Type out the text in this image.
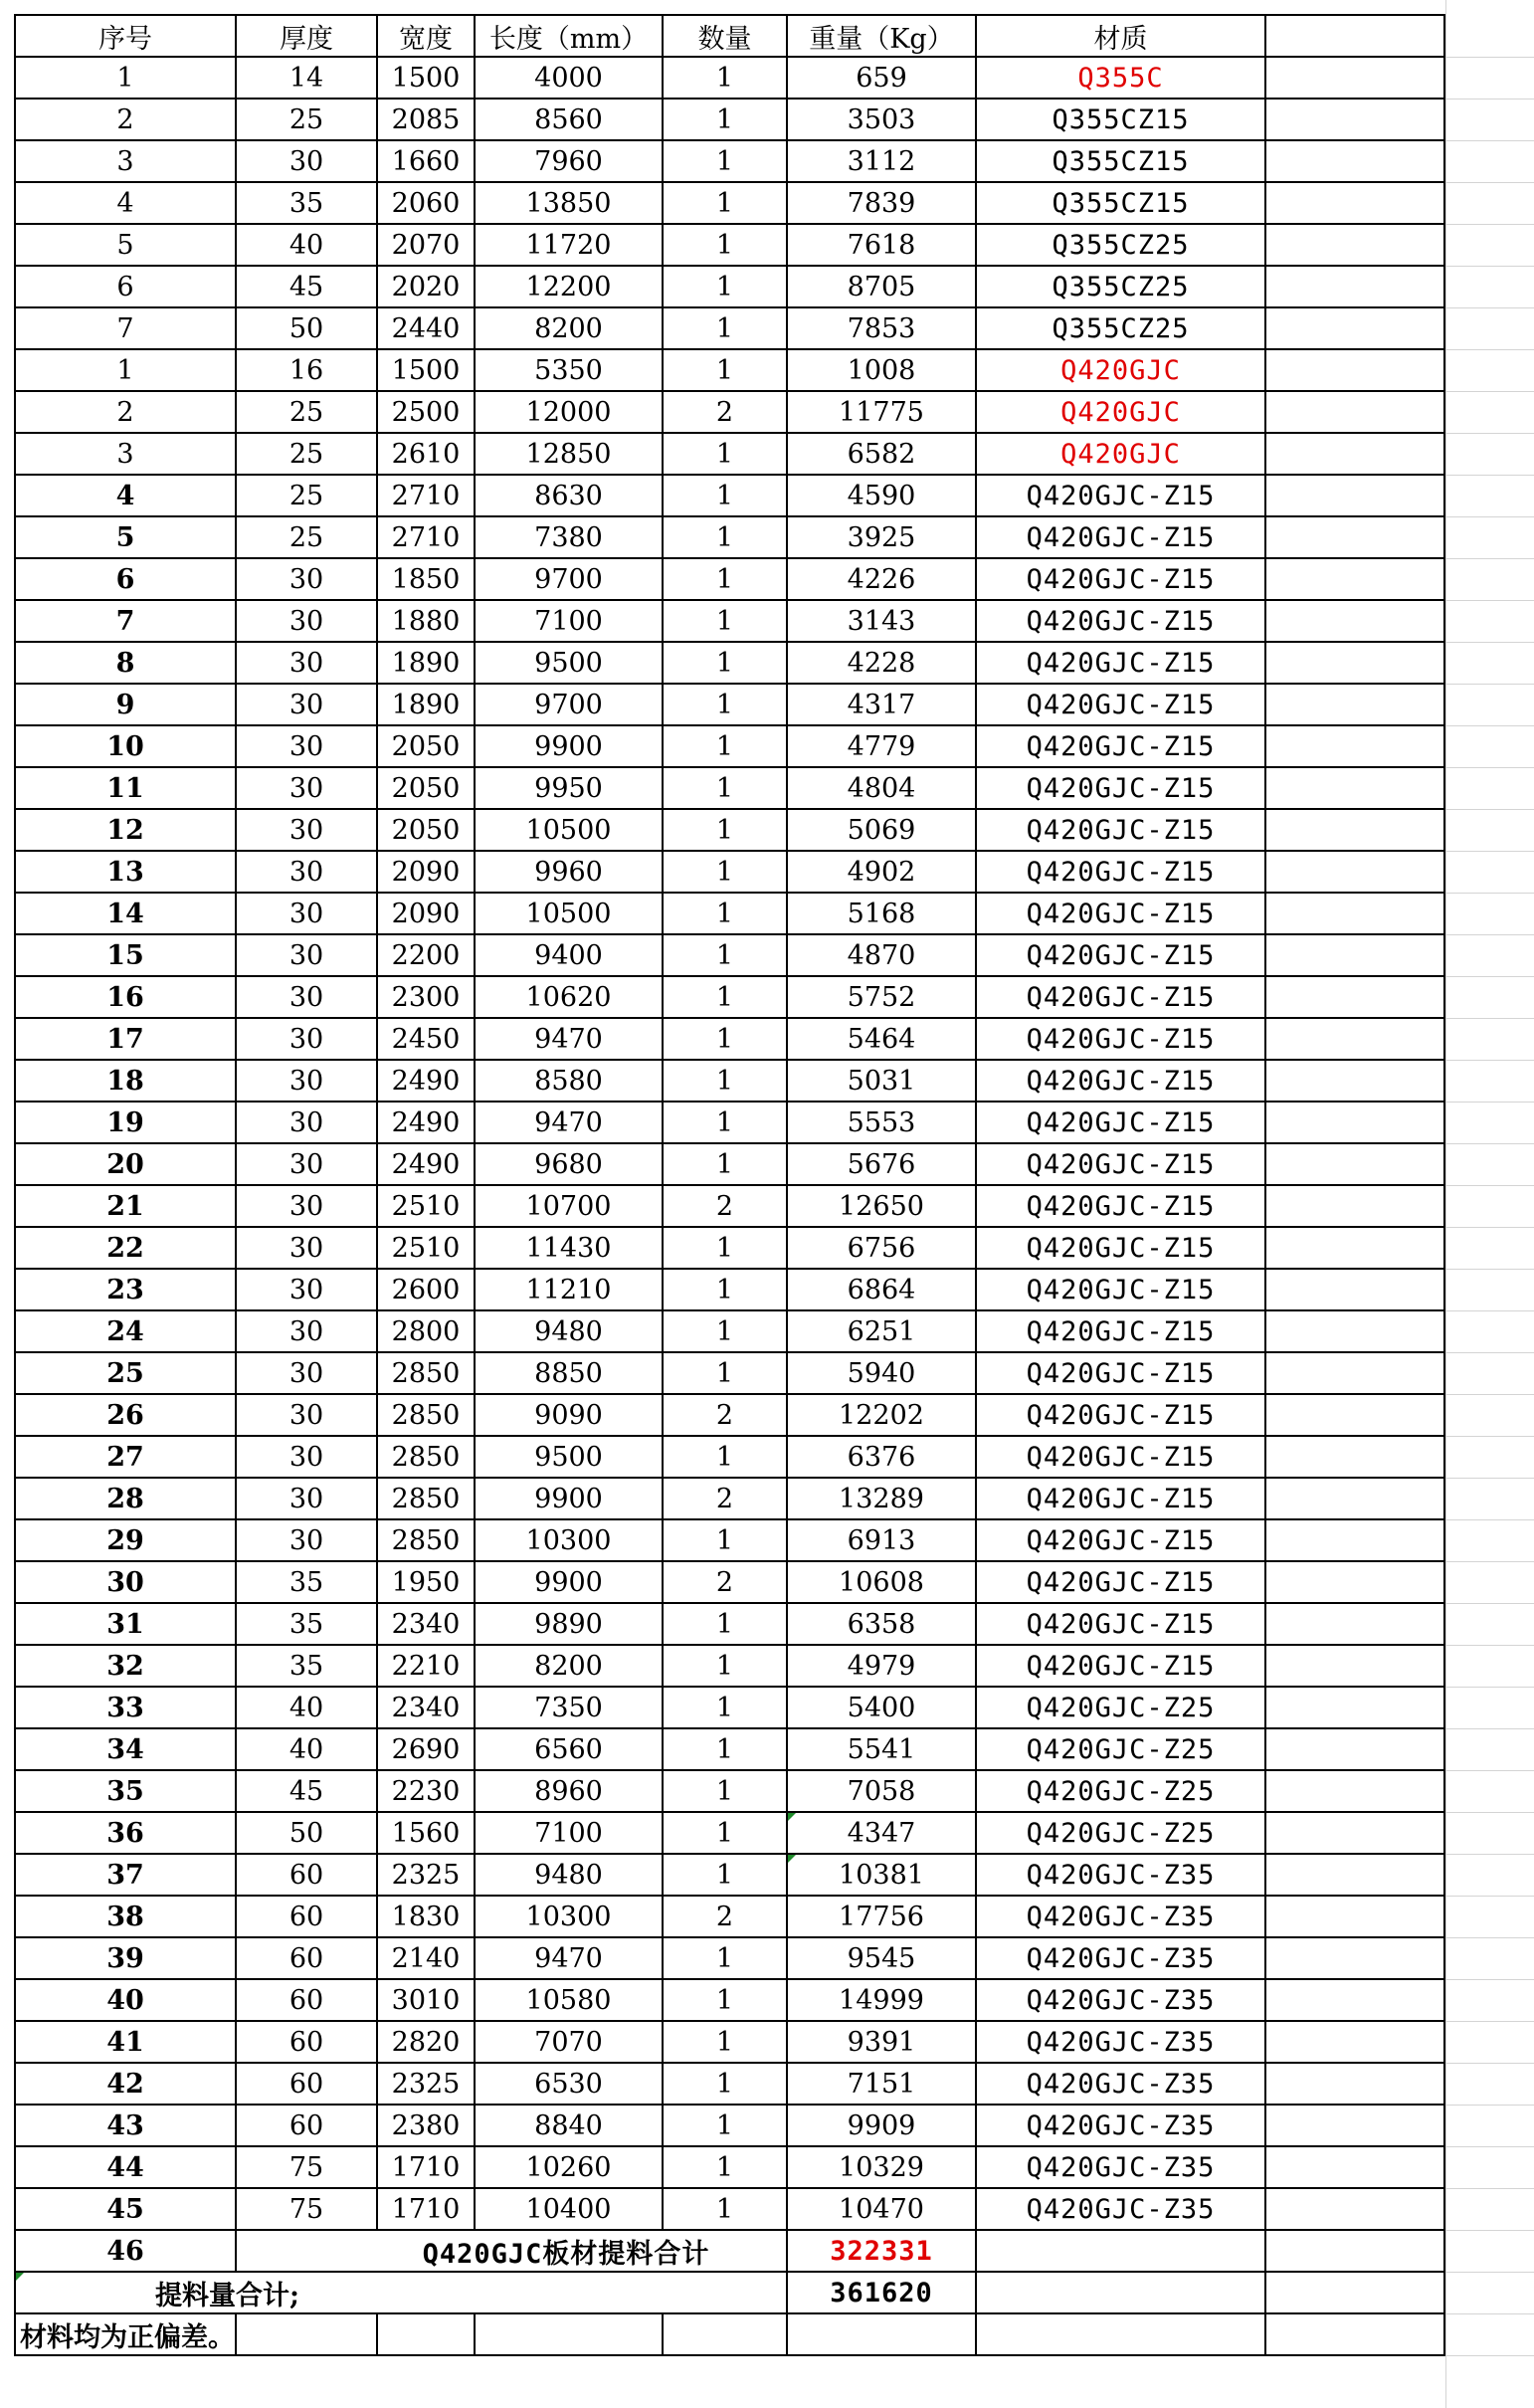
序号	厚度	宽度	长度（mm）	数量	重量（Kg）	材质	
1	14	1500	4000	1	659	Q355C	
2	25	2085	8560	1	3503	Q355CZ15	
3	30	1660	7960	1	3112	Q355CZ15	
4	35	2060	13850	1	7839	Q355CZ15	
5	40	2070	11720	1	7618	Q355CZ25	
6	45	2020	12200	1	8705	Q355CZ25	
7	50	2440	8200	1	7853	Q355CZ25	
1	16	1500	5350	1	1008	Q420GJC	
2	25	2500	12000	2	11775	Q420GJC	
3	25	2610	12850	1	6582	Q420GJC	
4	25	2710	8630	1	4590	Q420GJC-Z15	
5	25	2710	7380	1	3925	Q420GJC-Z15	
6	30	1850	9700	1	4226	Q420GJC-Z15	
7	30	1880	7100	1	3143	Q420GJC-Z15	
8	30	1890	9500	1	4228	Q420GJC-Z15	
9	30	1890	9700	1	4317	Q420GJC-Z15	
10	30	2050	9900	1	4779	Q420GJC-Z15	
11	30	2050	9950	1	4804	Q420GJC-Z15	
12	30	2050	10500	1	5069	Q420GJC-Z15	
13	30	2090	9960	1	4902	Q420GJC-Z15	
14	30	2090	10500	1	5168	Q420GJC-Z15	
15	30	2200	9400	1	4870	Q420GJC-Z15	
16	30	2300	10620	1	5752	Q420GJC-Z15	
17	30	2450	9470	1	5464	Q420GJC-Z15	
18	30	2490	8580	1	5031	Q420GJC-Z15	
19	30	2490	9470	1	5553	Q420GJC-Z15	
20	30	2490	9680	1	5676	Q420GJC-Z15	
21	30	2510	10700	2	12650	Q420GJC-Z15	
22	30	2510	11430	1	6756	Q420GJC-Z15	
23	30	2600	11210	1	6864	Q420GJC-Z15	
24	30	2800	9480	1	6251	Q420GJC-Z15	
25	30	2850	8850	1	5940	Q420GJC-Z15	
26	30	2850	9090	2	12202	Q420GJC-Z15	
27	30	2850	9500	1	6376	Q420GJC-Z15	
28	30	2850	9900	2	13289	Q420GJC-Z15	
29	30	2850	10300	1	6913	Q420GJC-Z15	
30	35	1950	9900	2	10608	Q420GJC-Z15	
31	35	2340	9890	1	6358	Q420GJC-Z15	
32	35	2210	8200	1	4979	Q420GJC-Z15	
33	40	2340	7350	1	5400	Q420GJC-Z25	
34	40	2690	6560	1	5541	Q420GJC-Z25	
35	45	2230	8960	1	7058	Q420GJC-Z25	
36	50	1560	7100	1	4347	Q420GJC-Z25	
37	60	2325	9480	1	10381	Q420GJC-Z35	
38	60	1830	10300	2	17756	Q420GJC-Z35	
39	60	2140	9470	1	9545	Q420GJC-Z35	
40	60	3010	10580	1	14999	Q420GJC-Z35	
41	60	2820	7070	1	9391	Q420GJC-Z35	
42	60	2325	6530	1	7151	Q420GJC-Z35	
43	60	2380	8840	1	9909	Q420GJC-Z35	
44	75	1710	10260	1	10329	Q420GJC-Z35	
45	75	1710	10400	1	10470	Q420GJC-Z35	
46	Q420GJC板材提料合计				322331		
提料量合计;					361620		
材料均为正偏差。							
